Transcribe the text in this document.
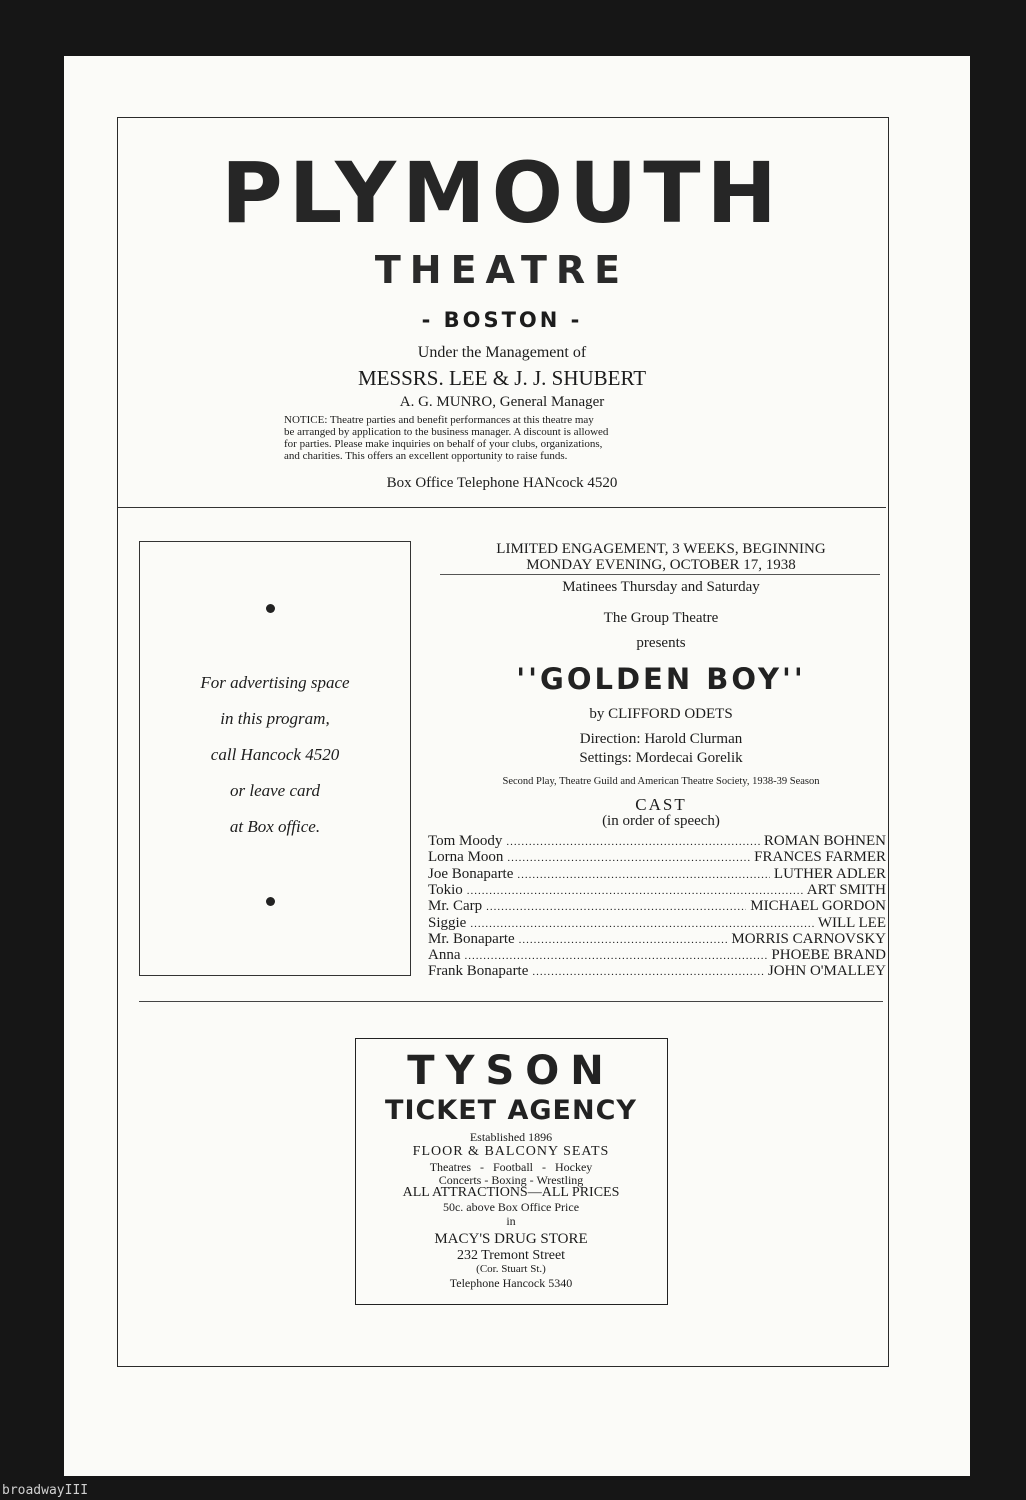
PLYMOUTH
THEATRE
- BOSTON -
Under the Management of
MESSRS. LEE & J. J. SHUBERT
A. G. MUNRO, General Manager
NOTICE: Theatre parties and benefit performances at this theatre may
be arranged by application to the business manager. A discount is allowed
for parties. Please make inquiries on behalf of your clubs, organizations,
and charities. This offers an excellent opportunity to raise funds.
Box Office Telephone HANcock 4520
For advertising space
in this program,
call Hancock 4520
or leave card
at Box office.
LIMITED ENGAGEMENT, 3 WEEKS, BEGINNING
MONDAY EVENING, OCTOBER 17, 1938
Matinees Thursday and Saturday
The Group Theatre
presents
''GOLDEN BOY''
by CLIFFORD ODETS
Direction: Harold Clurman
Settings: Mordecai Gorelik
Second Play, Theatre Guild and American Theatre Society, 1938-39 Season
CAST
(in order of speech)
Tom Moody .....	ROMAN BOHNEN
Lorna Moon .....	FRANCES FARMER
Joe Bonaparte .....	LUTHER ADLER
Tokio .....	ART SMITH
Mr. Carp .....	MICHAEL GORDON
Siggie .....	WILL LEE
Mr. Bonaparte .....	MORRIS CARNOVSKY
Anna .....	PHOEBE BRAND
Frank Bonaparte .....	JOHN O'MALLEY
TYSON
TICKET AGENCY
Established 1896
FLOOR & BALCONY SEATS
Theatres - Football - Hockey
Concerts - Boxing - Wrestling
ALL ATTRACTIONS—ALL PRICES
50c. above Box Office Price
in
MACY'S DRUG STORE
232 Tremont Street
(Cor. Stuart St.)
Telephone Hancock 5340
broadwayIII
